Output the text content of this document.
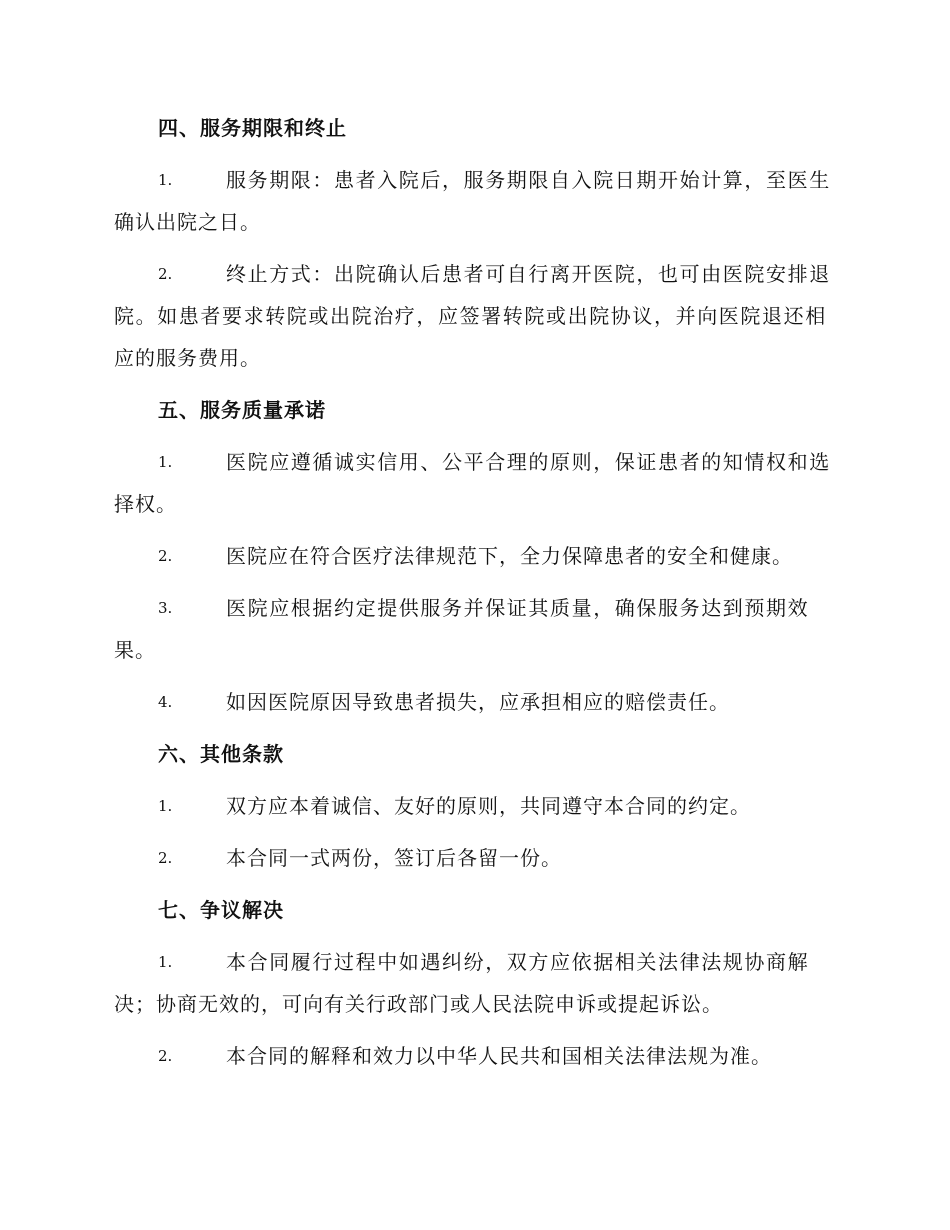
四、服务期限和终止
1.	服务期限：患者入院后，服务期限自入院日期开始计算，至医生
确认出院之日。
2.	终止方式：出院确认后患者可自行离开医院，也可由医院安排退
院。如患者要求转院或出院治疗，应签署转院或出院协议，并向医院退还相
应的服务费用。
五、服务质量承诺
1.	医院应遵循诚实信用、公平合理的原则，保证患者的知情权和选
择权。
2.	医院应在符合医疗法律规范下，全力保障患者的安全和健康。
3.	医院应根据约定提供服务并保证其质量，确保服务达到预期效
果。
4.	如因医院原因导致患者损失，应承担相应的赔偿责任。
六、其他条款
1.	双方应本着诚信、友好的原则，共同遵守本合同的约定。
2.	本合同一式两份，签订后各留一份。
七、争议解决
1.	本合同履行过程中如遇纠纷，双方应依据相关法律法规协商解
决；协商无效的，可向有关行政部门或人民法院申诉或提起诉讼。
2.	本合同的解释和效力以中华人民共和国相关法律法规为准。
